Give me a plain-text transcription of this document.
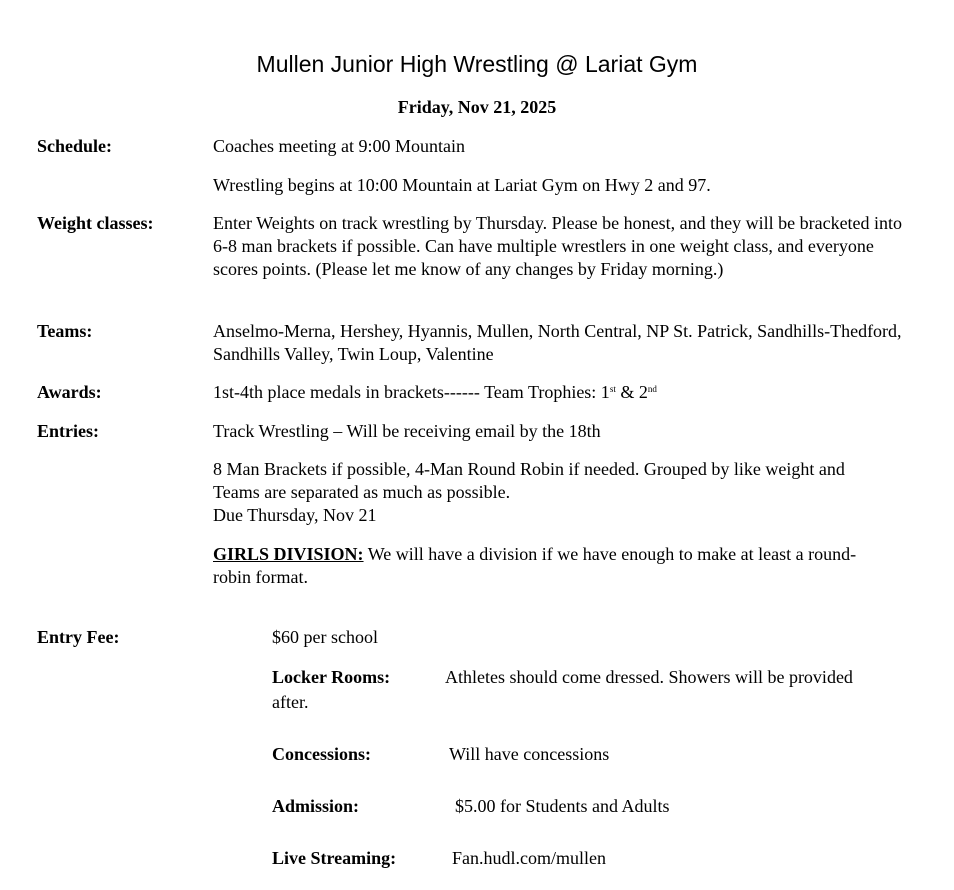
Mullen Junior High Wrestling @ Lariat Gym
Friday, Nov 21, 2025
Schedule:	Coaches meeting at 9:00 Mountain
Wrestling begins at 10:00 Mountain at Lariat Gym on Hwy 2 and 97.
Weight classes:	Enter Weights on track wrestling by Thursday. Please be honest, and they will be bracketed into 6-8 man brackets if possible. Can have multiple wrestlers in one weight class, and everyone scores points. (Please let me know of any changes by Friday morning.)
Teams:	Anselmo-Merna, Hershey, Hyannis, Mullen, North Central, NP St. Patrick, Sandhills-Thedford, Sandhills Valley, Twin Loup, Valentine
Awards:	1st-4th place medals in brackets------ Team Trophies: 1st & 2nd
Entries:	Track Wrestling – Will be receiving email by the 18th
8 Man Brackets if possible, 4-Man Round Robin if needed. Grouped by like weight and
Teams are separated as much as possible.
Due Thursday, Nov 21
GIRLS DIVISION: We will have a division if we have enough to make at least a round-
robin format.
Entry Fee:	$60 per school
Locker Rooms:	Athletes should come dressed. Showers will be provided
after.
Concessions:	Will have concessions
Admission:	$5.00 for Students and Adults
Live Streaming:	Fan.hudl.com/mullen
